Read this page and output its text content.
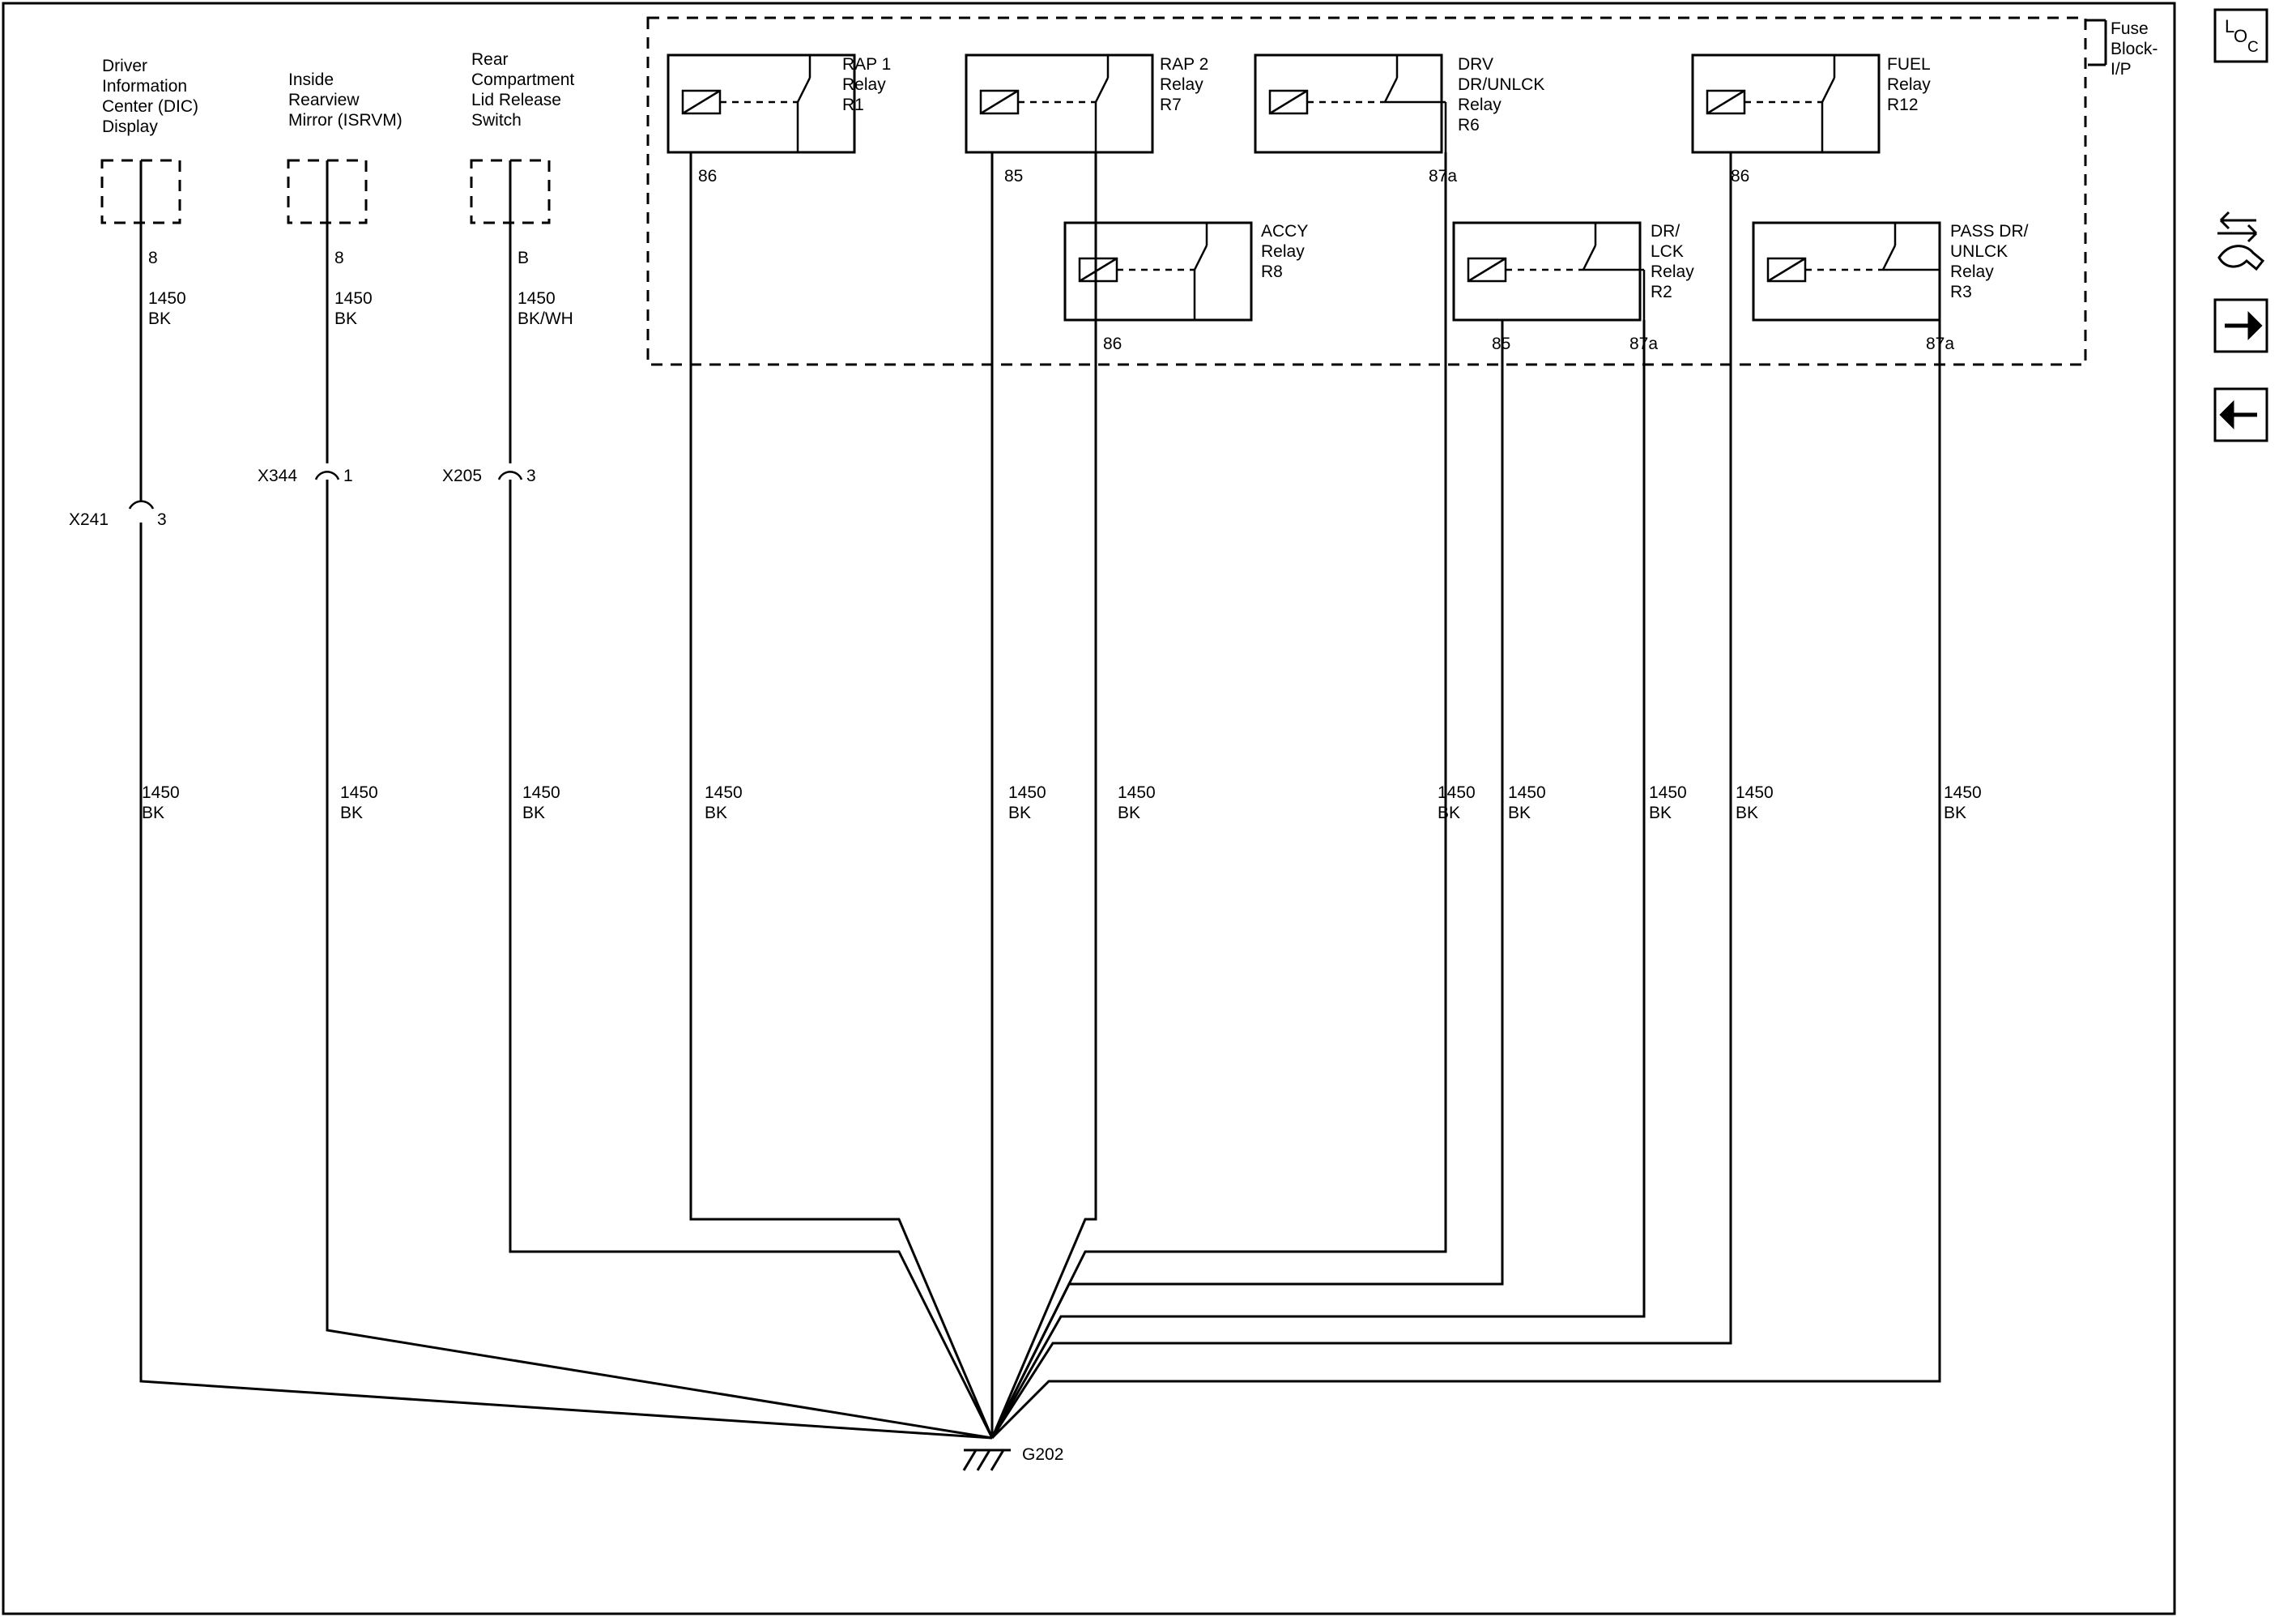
Fuse
Block-
I/P
Driver
Information
Center (DIC)
Display
8
1450
BK
X241	3
Inside
Rearview
Mirror (ISRVM)
8
1450
BK
X344	1
Rear
Compartment
Lid Release
Switch
B
1450
BK/WH
X205	3
RAP 1
Relay
R1
86
RAP 2
Relay
R7
85
DRV
DR/UNLCK
Relay
R6
87a
FUEL
Relay
R12
86
ACCY
Relay
R8
86
DR/
LCK
Relay
R2
85	87a
PASS DR/
UNLCK
Relay
R3
87a
1450
BK
1450
BK
1450
BK
1450
BK
1450
BK
1450
BK
1450
BK
1450
BK
1450
BK
1450
BK
1450
BK
G202
L
O
C
